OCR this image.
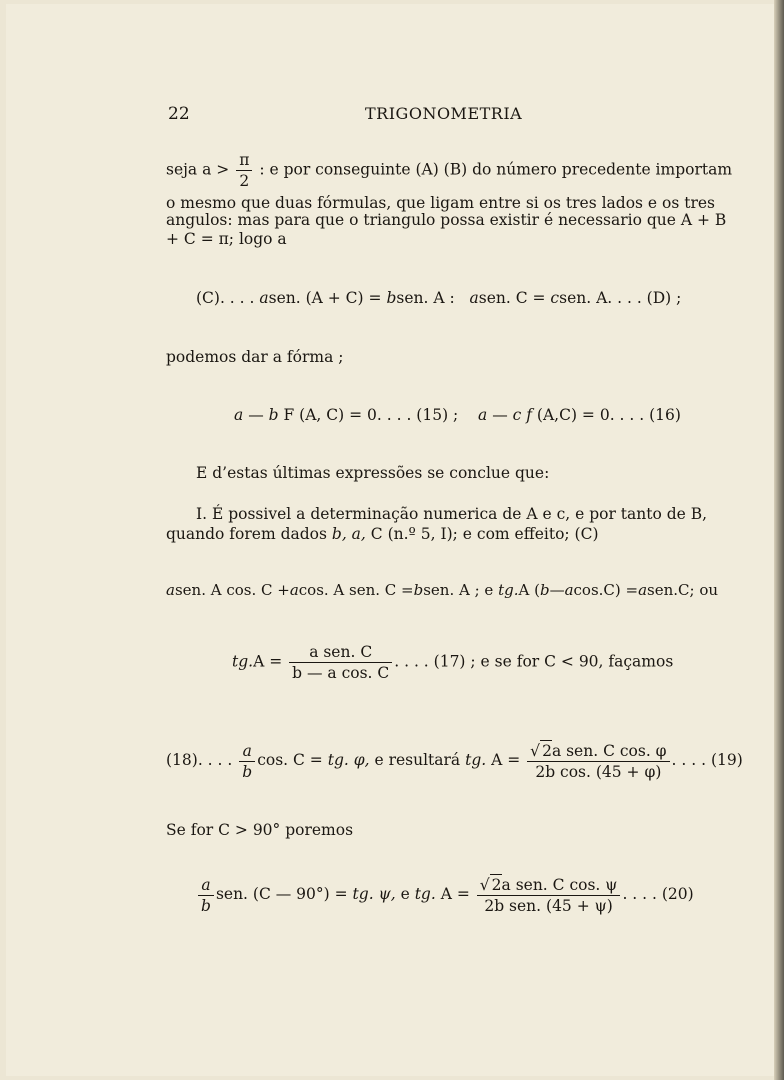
22	TRIGONOMETRIA
seja $a > \frac{\pi}{2}$ : e por conseguinte (A) (B) do número precedente importam
o mesmo que duas fórmulas, que ligam entre si os tres lados e os tres
angulos: mas para que o triangulo possa existir é necessario que A + B
+ C = π; logo a
(C). . . . asen. (A + C) = bsen. A : asen. C = csen. A. . . . (D) ;
podemos dar a fórma ;
a — b F (A, C) = 0. . . . (15) ; a — c f (A,C) = 0. . . . (16)
E d’estas últimas expressões se conclue que:
I. É possivel a determinação numerica de A e c, e por tanto de B,
quando forem dados b, a, C (n.º 5, I); e com effeito; (C)
asen. A cos. C +acos. A sen. C =bsen. A ; e tg.A (b—acos.C) =asen.C; ou
$tg.A = \frac{\text{a sen. C}}{\text{b — a cos. C}}$ . . . . (17) ; e se for C < 90, façamos
(18). . . . $\frac{a}{b} \cos$. C = tg. φ, e resultará tg. $A = \frac{\text{√ 2a sen. C cos. φ}}{\text{2b cos. (45 + φ)}}$ . . . . (19)
Se for C > 90° poremos
$\frac{a}{b}$ sen. (C — 90°) = tg. ψ, e tg. $A = \frac{\text{√ 2a sen. C cos. ψ}}{\text{2b sen. (45 + ψ)}}$ . . . . (20)
